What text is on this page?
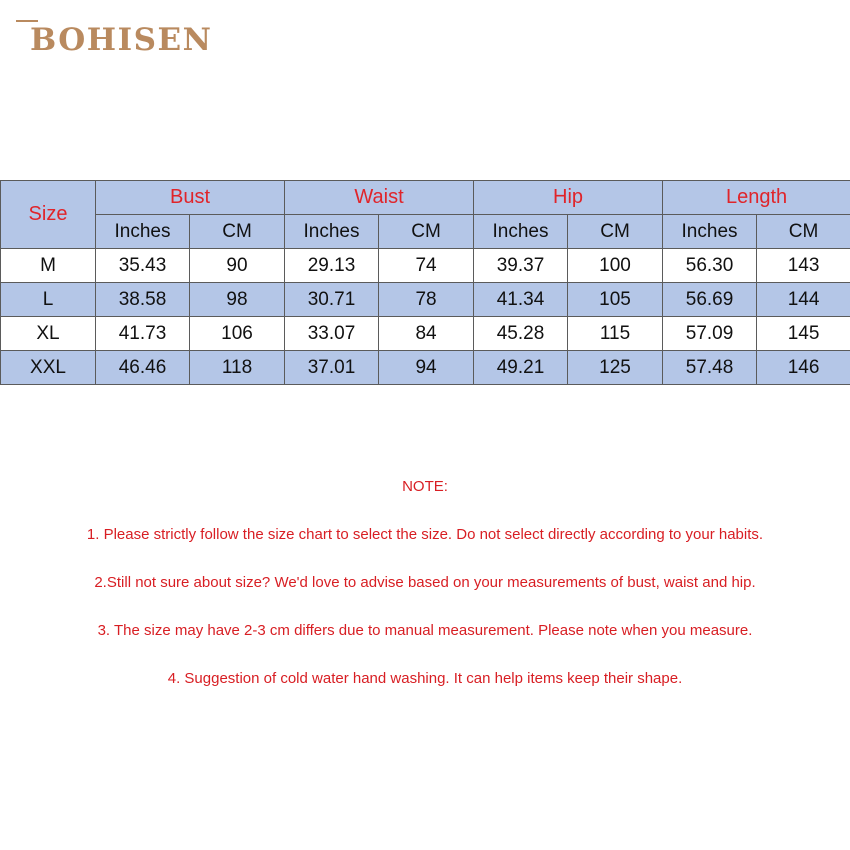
BOHISEN
Size	Bust		Waist		Hip		Length	
	Inches	CM	Inches	CM	Inches	CM	Inches	CM
M	35.43	90	29.13	74	39.37	100	56.30	143
L	38.58	98	30.71	78	41.34	105	56.69	144
XL	41.73	106	33.07	84	45.28	115	57.09	145
XXL	46.46	118	37.01	94	49.21	125	57.48	146
NOTE:
1. Please strictly follow the size chart to select the size. Do not select directly according to your habits.
2.Still not sure about size? We'd love to advise based on your measurements of bust, waist and hip.
3. The size may have 2-3 cm differs due to manual measurement. Please note when you measure.
4. Suggestion of cold water hand washing. It can help items keep their shape.
